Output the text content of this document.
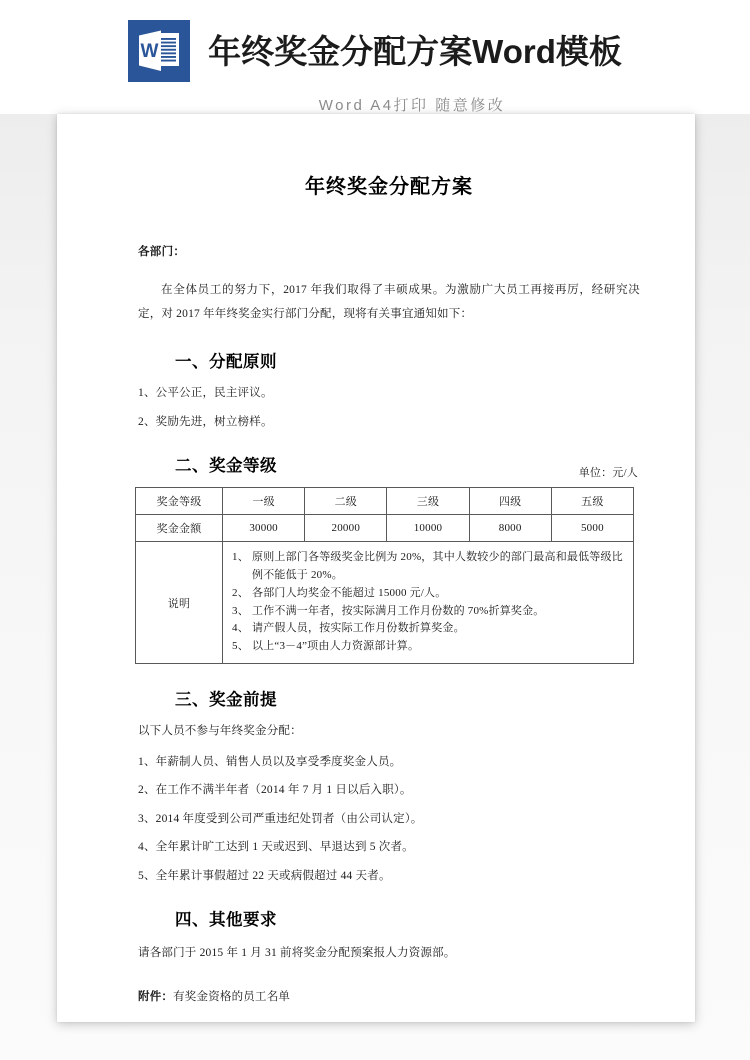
W 年终奖金分配方案Word模板
Word A4打印 随意修改
年终奖金分配方案
各部门：

在全体员工的努力下，2017 年我们取得了丰硕成果。为激励广大员工再接再厉，经研究决定，对 2017 年年终奖金实行部门分配，现将有关事宜通知如下：

一、分配原则
1、公平公正，民主评议。
2、奖励先进，树立榜样。
二、奖金等级	单位：元/人
奖金等级	一级	二级	三级	四级	五级
奖金金额	30000	20000	10000	8000	5000
说明	
1、 原则上部门各等级奖金比例为 20%，其中人数较少的部门最高和最低等级比例不能低于 20%。
2、 各部门人均奖金不能超过 15000 元/人。
3、 工作不满一年者，按实际满月工作月份数的 70%折算奖金。
4、 请产假人员，按实际工作月份数折算奖金。
5、 以上“3－4”项由人力资源部计算。
三、奖金前提
以下人员不参与年终奖金分配：
1、年薪制人员、销售人员以及享受季度奖金人员。
2、在工作不满半年者（2014 年 7 月 1 日以后入职）。
3、2014 年度受到公司严重违纪处罚者（由公司认定）。
4、全年累计旷工达到 1 天或迟到、早退达到 5 次者。
5、全年累计事假超过 22 天或病假超过 44 天者。
四、其他要求

请各部门于 2015 年 1 月 31 前将奖金分配预案报人力资源部。

附件：有奖金资格的员工名单
